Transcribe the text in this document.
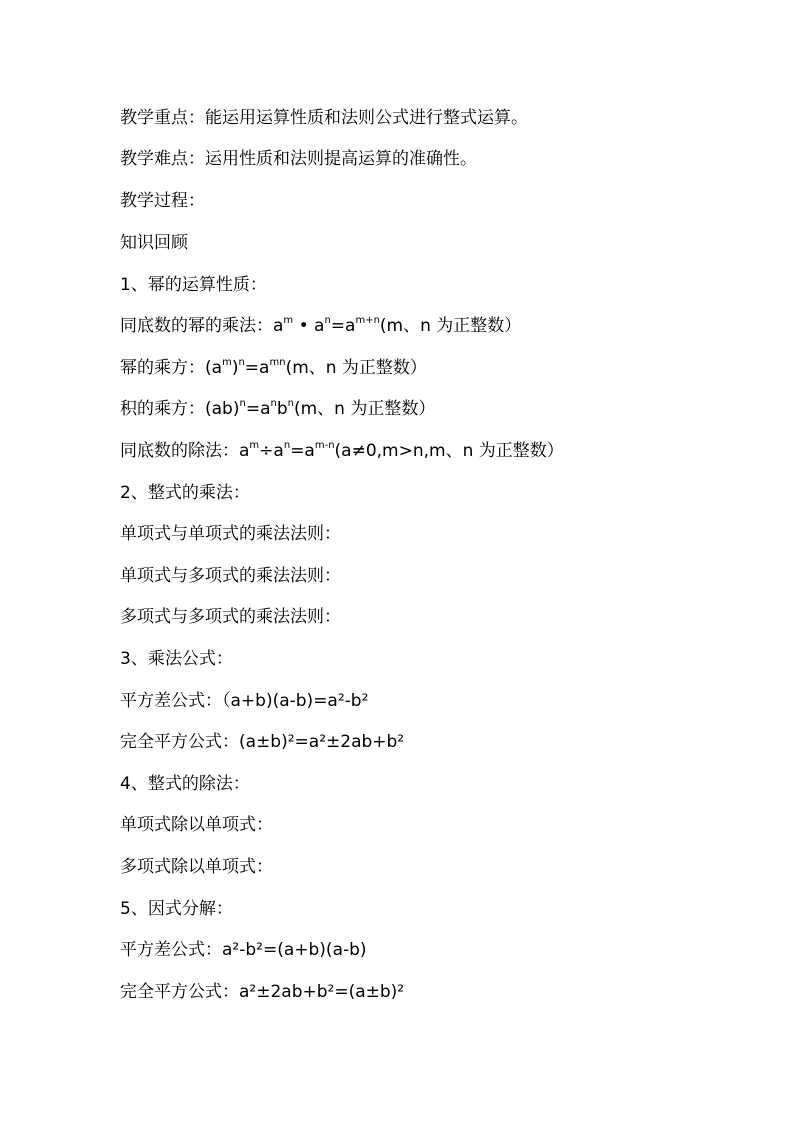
教学重点：能运用运算性质和法则公式进行整式运算。
教学难点：运用性质和法则提高运算的准确性。
教学过程：
知识回顾
1、幂的运算性质：
同底数的幂的乘法：$a^m$ • $a^n=a^{m+n}(m$、n 为正整数）
幂的乘方：$(a^m)^n=a^{mn}(m$、n 为正整数）
积的乘方：$(ab)^n=a^nb^n(m$、n 为正整数）
同底数的除法：$a^m\div a^n=a^{m-n}(a\ne 0,m>n,m$、n 为正整数）
2、整式的乘法：
单项式与单项式的乘法法则：
单项式与多项式的乘法法则：
多项式与多项式的乘法法则：
3、乘法公式：
平方差公式：（a+b)(a-b)=a²-b²
完全平方公式：(a±b)²=a²±2ab+b²
4、整式的除法：
单项式除以单项式：
多项式除以单项式：
5、因式分解：
平方差公式：a²-b²=(a+b)(a-b)
完全平方公式：a²±2ab+b²=(a±b)²
